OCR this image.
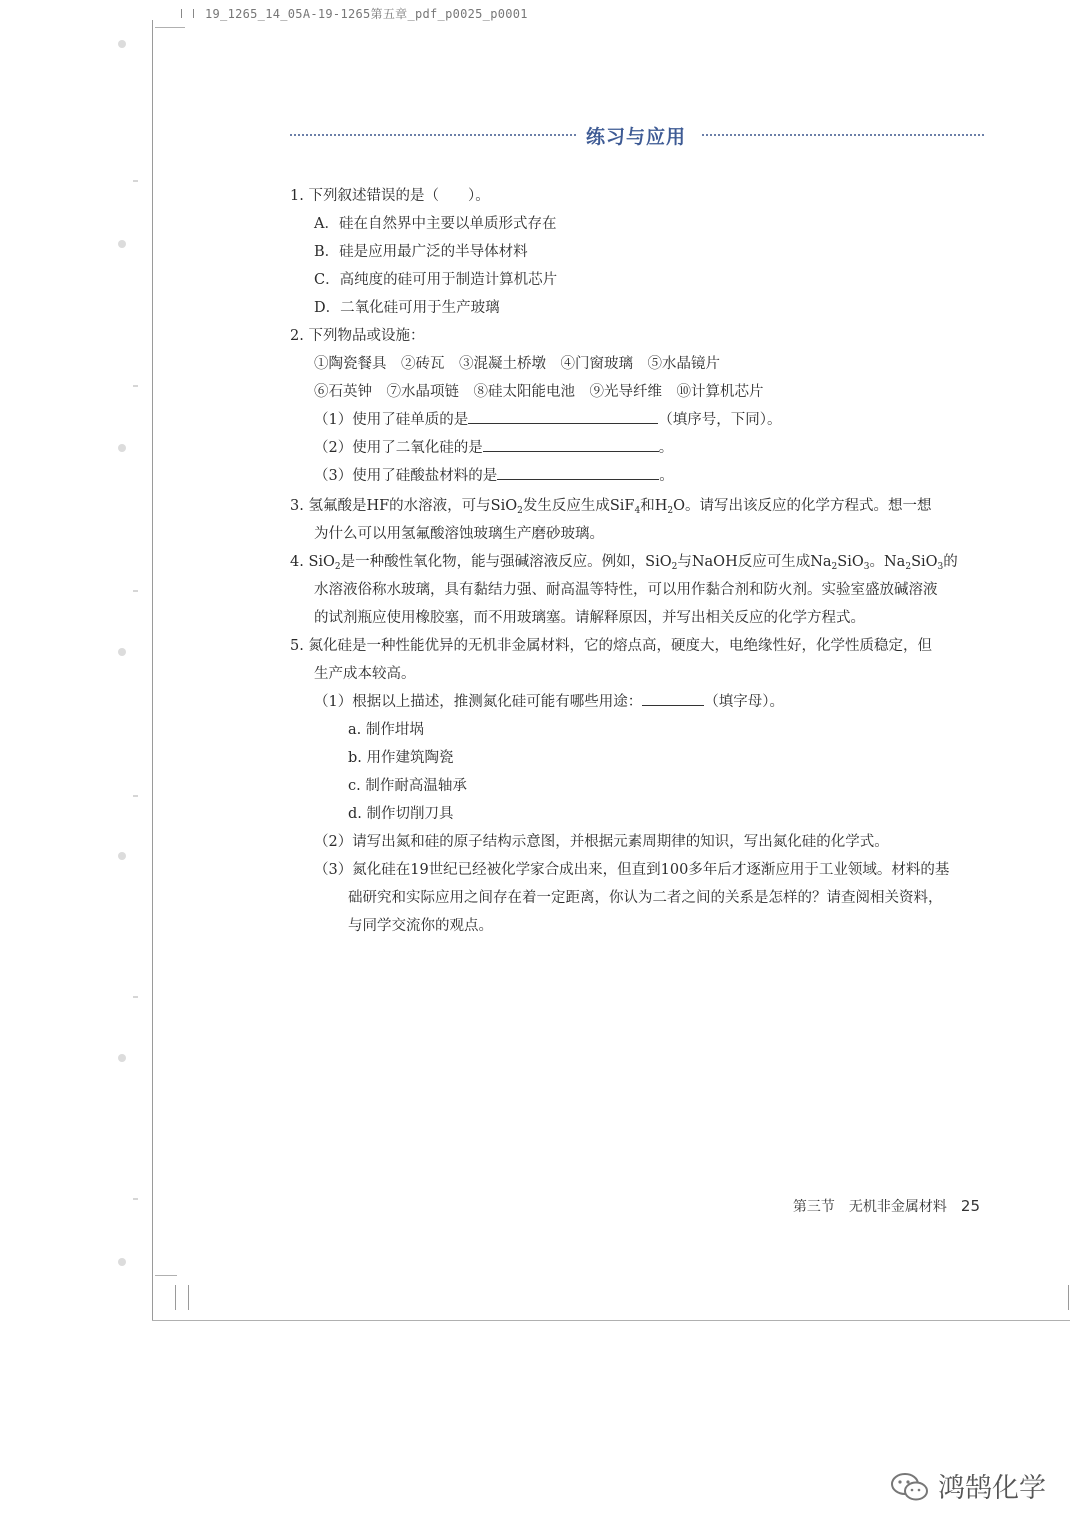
19_1265_14_05A-19-1265第五章_pdf_p0025_p0001
练习与应用
1. 下列叙述错误的是（　　）。
A．硅在自然界中主要以单质形式存在
B．硅是应用最广泛的半导体材料
C．高纯度的硅可用于制造计算机芯片
D．二氧化硅可用于生产玻璃
2. 下列物品或设施：
①陶瓷餐具　②砖瓦　③混凝土桥墩　④门窗玻璃　⑤水晶镜片
⑥石英钟　⑦水晶项链　⑧硅太阳能电池　⑨光导纤维　⑩计算机芯片
（1）使用了硅单质的是	（填序号，下同）。
（2）使用了二氧化硅的是	。
（3）使用了硅酸盐材料的是	。
3. 氢氟酸是HF的水溶液，可与SiO$_2$发生反应生成SiF$_4$和$H_2O$。请写出该反应的化学方程式。想一想
为什么可以用氢氟酸溶蚀玻璃生产磨砂玻璃。
4. SiO$_2$是一种酸性氧化物，能与强碱溶液反应。例如，SiO$_2$与NaOH反应可生成$Na_2SiO_3$。$Na_2SiO_3$的
水溶液俗称水玻璃，具有黏结力强、耐高温等特性，可以用作黏合剂和防火剂。实验室盛放碱溶液
的试剂瓶应使用橡胶塞，而不用玻璃塞。请解释原因，并写出相关反应的化学方程式。
5. 氮化硅是一种性能优异的无机非金属材料，它的熔点高，硬度大，电绝缘性好，化学性质稳定，但
生产成本较高。
（1）根据以上描述，推测氮化硅可能有哪些用途：	（填字母）。
a. 制作坩埚
b. 用作建筑陶瓷
c. 制作耐高温轴承
d. 制作切削刀具
（2）请写出氮和硅的原子结构示意图，并根据元素周期律的知识，写出氮化硅的化学式。
（3）氮化硅在19世纪已经被化学家合成出来，但直到100多年后才逐渐应用于工业领域。材料的基
础研究和实际应用之间存在着一定距离，你认为二者之间的关系是怎样的？请查阅相关资料，
与同学交流你的观点。
第三节　无机非金属材料 25
鸿鹄化学
